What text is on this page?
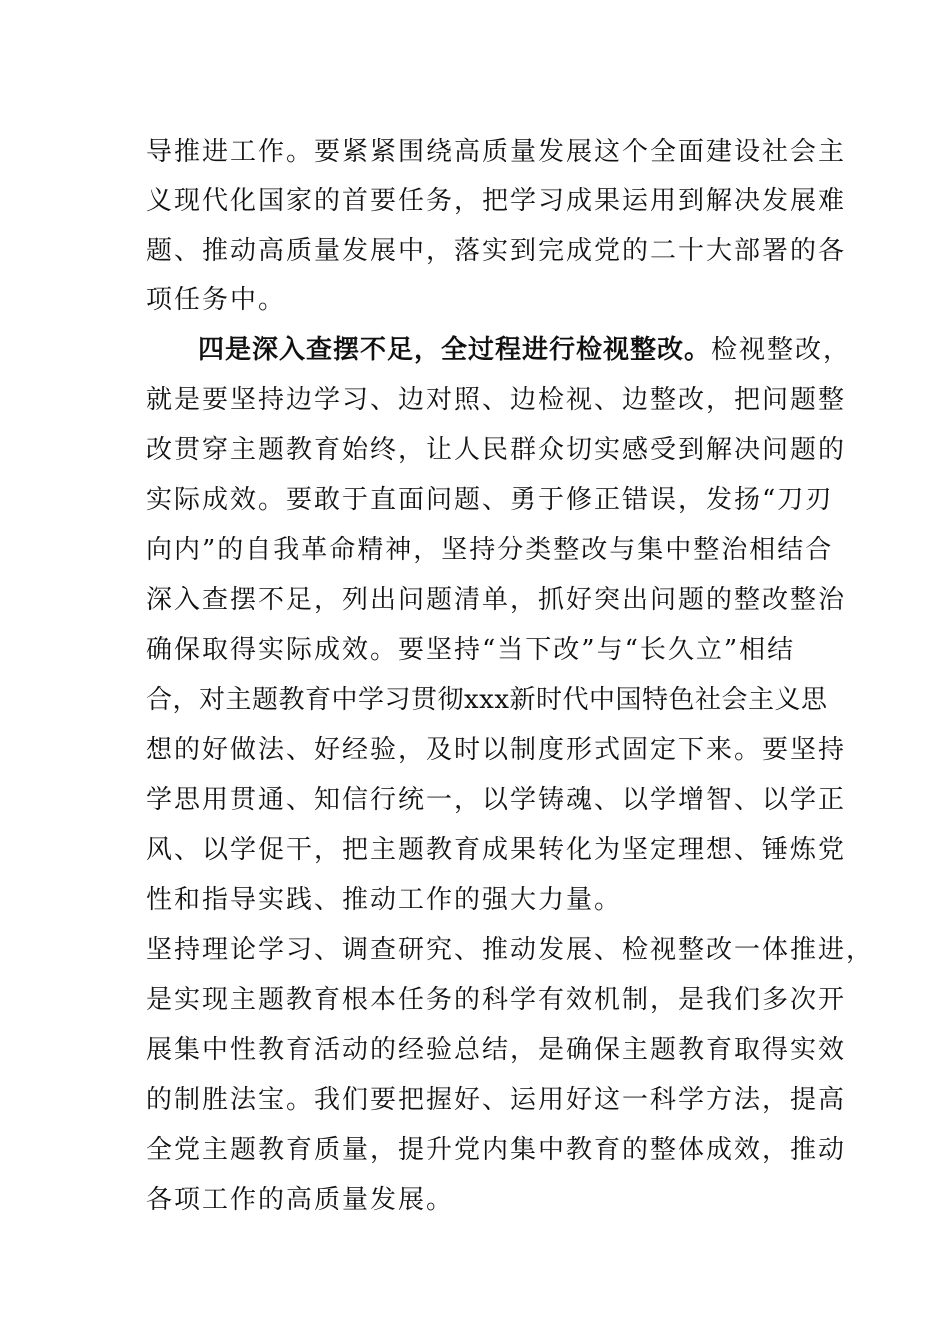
导推进工作。要紧紧围绕高质量发展这个全面建设社会主
义现代化国家的首要任务，把学习成果运用到解决发展难
题、推动高质量发展中，落实到完成党的二十大部署的各
项任务中。
四是深入查摆不足，全过程进行检视整改。检视整改，
就是要坚持边学习、边对照、边检视、边整改，把问题整
改贯穿主题教育始终，让人民群众切实感受到解决问题的
实际成效。要敢于直面问题、勇于修正错误，发扬“刀刃
向内”的自我革命精神，坚持分类整改与集中整治相结合
深入查摆不足，列出问题清单，抓好突出问题的整改整治
确保取得实际成效。要坚持“当下改”与“长久立”相结
合，对主题教育中学习贯彻xxx新时代中国特色社会主义思
想的好做法、好经验，及时以制度形式固定下来。要坚持
学思用贯通、知信行统一，以学铸魂、以学增智、以学正
风、以学促干，把主题教育成果转化为坚定理想、锤炼党
性和指导实践、推动工作的强大力量。
坚持理论学习、调查研究、推动发展、检视整改一体推进，
是实现主题教育根本任务的科学有效机制，是我们多次开
展集中性教育活动的经验总结，是确保主题教育取得实效
的制胜法宝。我们要把握好、运用好这一科学方法，提高
全党主题教育质量，提升党内集中教育的整体成效，推动
各项工作的高质量发展。
